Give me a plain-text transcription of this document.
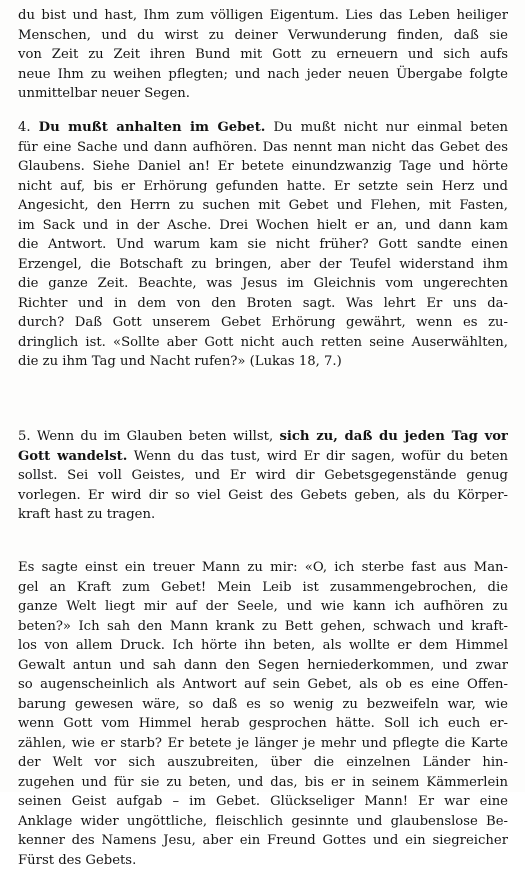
du bist und hast, Ihm zum völligen Eigentum. Lies das Leben heiliger
Menschen, und du wirst zu deiner Verwunderung finden, daß sie
von Zeit zu Zeit ihren Bund mit Gott zu erneuern und sich aufs
neue Ihm zu weihen pflegten; und nach jeder neuen Übergabe folgte
unmittelbar neuer Segen.
4. Du mußt anhalten im Gebet. Du mußt nicht nur einmal beten
für eine Sache und dann aufhören. Das nennt man nicht das Gebet des
Glaubens. Siehe Daniel an! Er betete einundzwanzig Tage und hörte
nicht auf, bis er Erhörung gefunden hatte. Er setzte sein Herz und
Angesicht, den Herrn zu suchen mit Gebet und Flehen, mit Fasten,
im Sack und in der Asche. Drei Wochen hielt er an, und dann kam
die Antwort. Und warum kam sie nicht früher? Gott sandte einen
Erzengel, die Botschaft zu bringen, aber der Teufel widerstand ihm
die ganze Zeit. Beachte, was Jesus im Gleichnis vom ungerechten
Richter und in dem von den Broten sagt. Was lehrt Er uns da-
durch? Daß Gott unserem Gebet Erhörung gewährt, wenn es zu-
dringlich ist. «Sollte aber Gott nicht auch retten seine Auserwählten,
die zu ihm Tag und Nacht rufen?» (Lukas 18, 7.)
5. Wenn du im Glauben beten willst, sich zu, daß du jeden Tag vor
Gott wandelst. Wenn du das tust, wird Er dir sagen, wofür du beten
sollst. Sei voll Geistes, und Er wird dir Gebetsgegenstände genug
vorlegen. Er wird dir so viel Geist des Gebets geben, als du Körper-
kraft hast zu tragen.
Es sagte einst ein treuer Mann zu mir: «O, ich sterbe fast aus Man-
gel an Kraft zum Gebet! Mein Leib ist zusammengebrochen, die
ganze Welt liegt mir auf der Seele, und wie kann ich aufhören zu
beten?» Ich sah den Mann krank zu Bett gehen, schwach und kraft-
los von allem Druck. Ich hörte ihn beten, als wollte er dem Himmel
Gewalt antun und sah dann den Segen herniederkommen, und zwar
so augenscheinlich als Antwort auf sein Gebet, als ob es eine Offen-
barung gewesen wäre, so daß es so wenig zu bezweifeln war, wie
wenn Gott vom Himmel herab gesprochen hätte. Soll ich euch er-
zählen, wie er starb? Er betete je länger je mehr und pflegte die Karte
der Welt vor sich auszubreiten, über die einzelnen Länder hin-
zugehen und für sie zu beten, und das, bis er in seinem Kämmerlein
seinen Geist aufgab – im Gebet. Glückseliger Mann! Er war eine
Anklage wider ungöttliche, fleischlich gesinnte und glaubenslose Be-
kenner des Namens Jesu, aber ein Freund Gottes und ein siegreicher
Fürst des Gebets.
